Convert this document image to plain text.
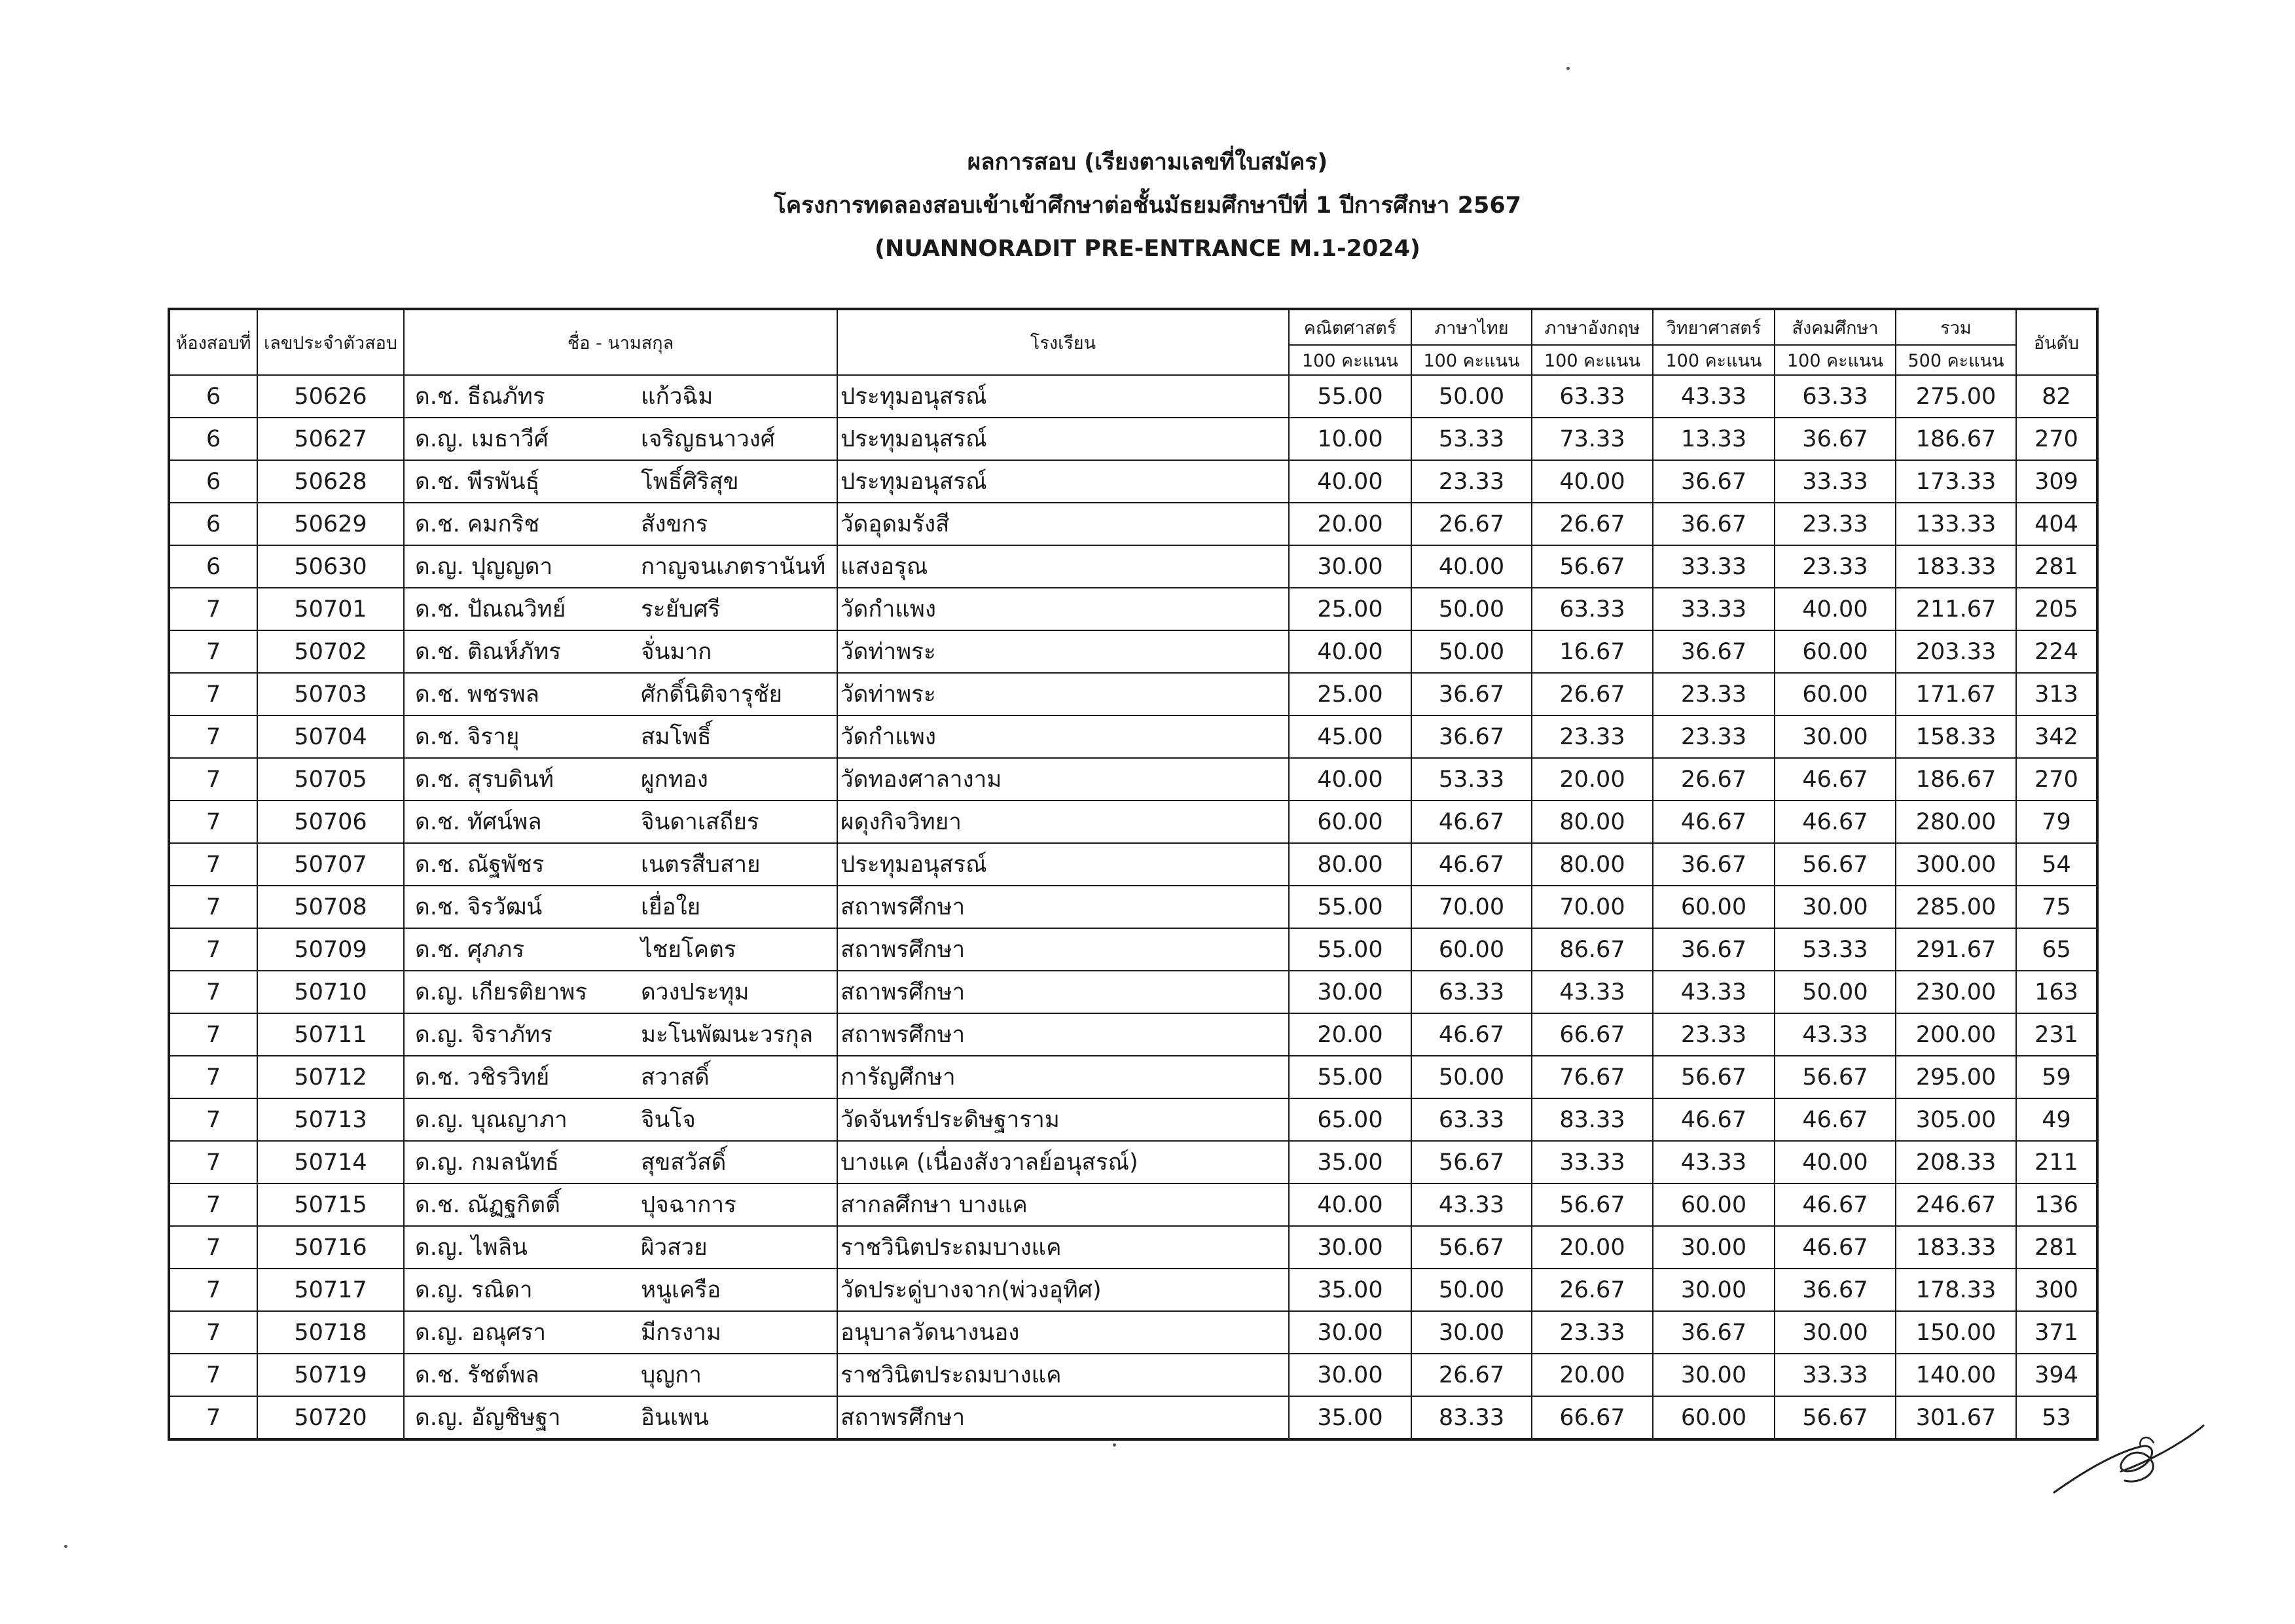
ผลการสอบ (เรียงตามเลขที่ใบสมัคร)
โครงการทดลองสอบเข้าเข้าศึกษาต่อชั้นมัธยมศึกษาปีที่ 1 ปีการศึกษา 2567
(NUANNORADIT PRE-ENTRANCE M.1-2024)
ห้องสอบที่	เลขประจำตัวสอบ	ชื่อ - นามสกุล	โรงเรียน	คณิตศาสตร์	ภาษาไทย	ภาษาอังกฤษ	วิทยาศาสตร์	สังคมศึกษา	รวม	อันดับ
				100 คะแนน	100 คะแนน	100 คะแนน	100 คะแนน	100 คะแนน	500 คะแนน	
6	50626	ด.ช. ธีณภัทร แก้วฉิม	ประทุมอนุสรณ์	55.00	50.00	63.33	43.33	63.33	275.00	82
6	50627	ด.ญ. เมธาวีศ์ เจริญธนาวงศ์	ประทุมอนุสรณ์	10.00	53.33	73.33	13.33	36.67	186.67	270
6	50628	ด.ช. พีรพันธุ์ โพธิ์ศิริสุข	ประทุมอนุสรณ์	40.00	23.33	40.00	36.67	33.33	173.33	309
6	50629	ด.ช. คมกริช สังขกร	วัดอุดมรังสี	20.00	26.67	26.67	36.67	23.33	133.33	404
6	50630	ด.ญ. ปุญญดา กาญจนเภตรานันท์	แสงอรุณ	30.00	40.00	56.67	33.33	23.33	183.33	281
7	50701	ด.ช. ปัณณวิทย์ ระยับศรี	วัดกำแพง	25.00	50.00	63.33	33.33	40.00	211.67	205
7	50702	ด.ช. ติณห์ภัทร จั่นมาก	วัดท่าพระ	40.00	50.00	16.67	36.67	60.00	203.33	224
7	50703	ด.ช. พชรพล ศักดิ์นิติจารุชัย	วัดท่าพระ	25.00	36.67	26.67	23.33	60.00	171.67	313
7	50704	ด.ช. จิรายุ สมโพธิ์	วัดกำแพง	45.00	36.67	23.33	23.33	30.00	158.33	342
7	50705	ด.ช. สุรบดินท์ ผูกทอง	วัดทองศาลางาม	40.00	53.33	20.00	26.67	46.67	186.67	270
7	50706	ด.ช. ทัศน์พล จินดาเสถียร	ผดุงกิจวิทยา	60.00	46.67	80.00	46.67	46.67	280.00	79
7	50707	ด.ช. ณัฐพัชร เนตรสืบสาย	ประทุมอนุสรณ์	80.00	46.67	80.00	36.67	56.67	300.00	54
7	50708	ด.ช. จิรวัฒน์ เยื่อใย	สถาพรศึกษา	55.00	70.00	70.00	60.00	30.00	285.00	75
7	50709	ด.ช. ศุภภร ไชยโคตร	สถาพรศึกษา	55.00	60.00	86.67	36.67	53.33	291.67	65
7	50710	ด.ญ. เกียรติยาพร ดวงประทุม	สถาพรศึกษา	30.00	63.33	43.33	43.33	50.00	230.00	163
7	50711	ด.ญ. จิราภัทร มะโนพัฒนะวรกุล	สถาพรศึกษา	20.00	46.67	66.67	23.33	43.33	200.00	231
7	50712	ด.ช. วชิรวิทย์ สวาสดิ์	การัญศึกษา	55.00	50.00	76.67	56.67	56.67	295.00	59
7	50713	ด.ญ. บุณญาภา จินโจ	วัดจันทร์ประดิษฐาราม	65.00	63.33	83.33	46.67	46.67	305.00	49
7	50714	ด.ญ. กมลนัทธ์ สุขสวัสดิ์	บางแค (เนื่องสังวาลย์อนุสรณ์)	35.00	56.67	33.33	43.33	40.00	208.33	211
7	50715	ด.ช. ณัฏฐกิตติ์ ปุจฉาการ	สากลศึกษา บางแค	40.00	43.33	56.67	60.00	46.67	246.67	136
7	50716	ด.ญ. ไพลิน ผิวสวย	ราชวินิตประถมบางแค	30.00	56.67	20.00	30.00	46.67	183.33	281
7	50717	ด.ญ. รณิดา หนูเครือ	วัดประดู่บางจาก(พ่วงอุทิศ)	35.00	50.00	26.67	30.00	36.67	178.33	300
7	50718	ด.ญ. อณุศรา มีกรงาม	อนุบาลวัดนางนอง	30.00	30.00	23.33	36.67	30.00	150.00	371
7	50719	ด.ช. รัชต์พล บุญกา	ราชวินิตประถมบางแค	30.00	26.67	20.00	30.00	33.33	140.00	394
7	50720	ด.ญ. อัญชิษฐา อินเพน	สถาพรศึกษา	35.00	83.33	66.67	60.00	56.67	301.67	53
